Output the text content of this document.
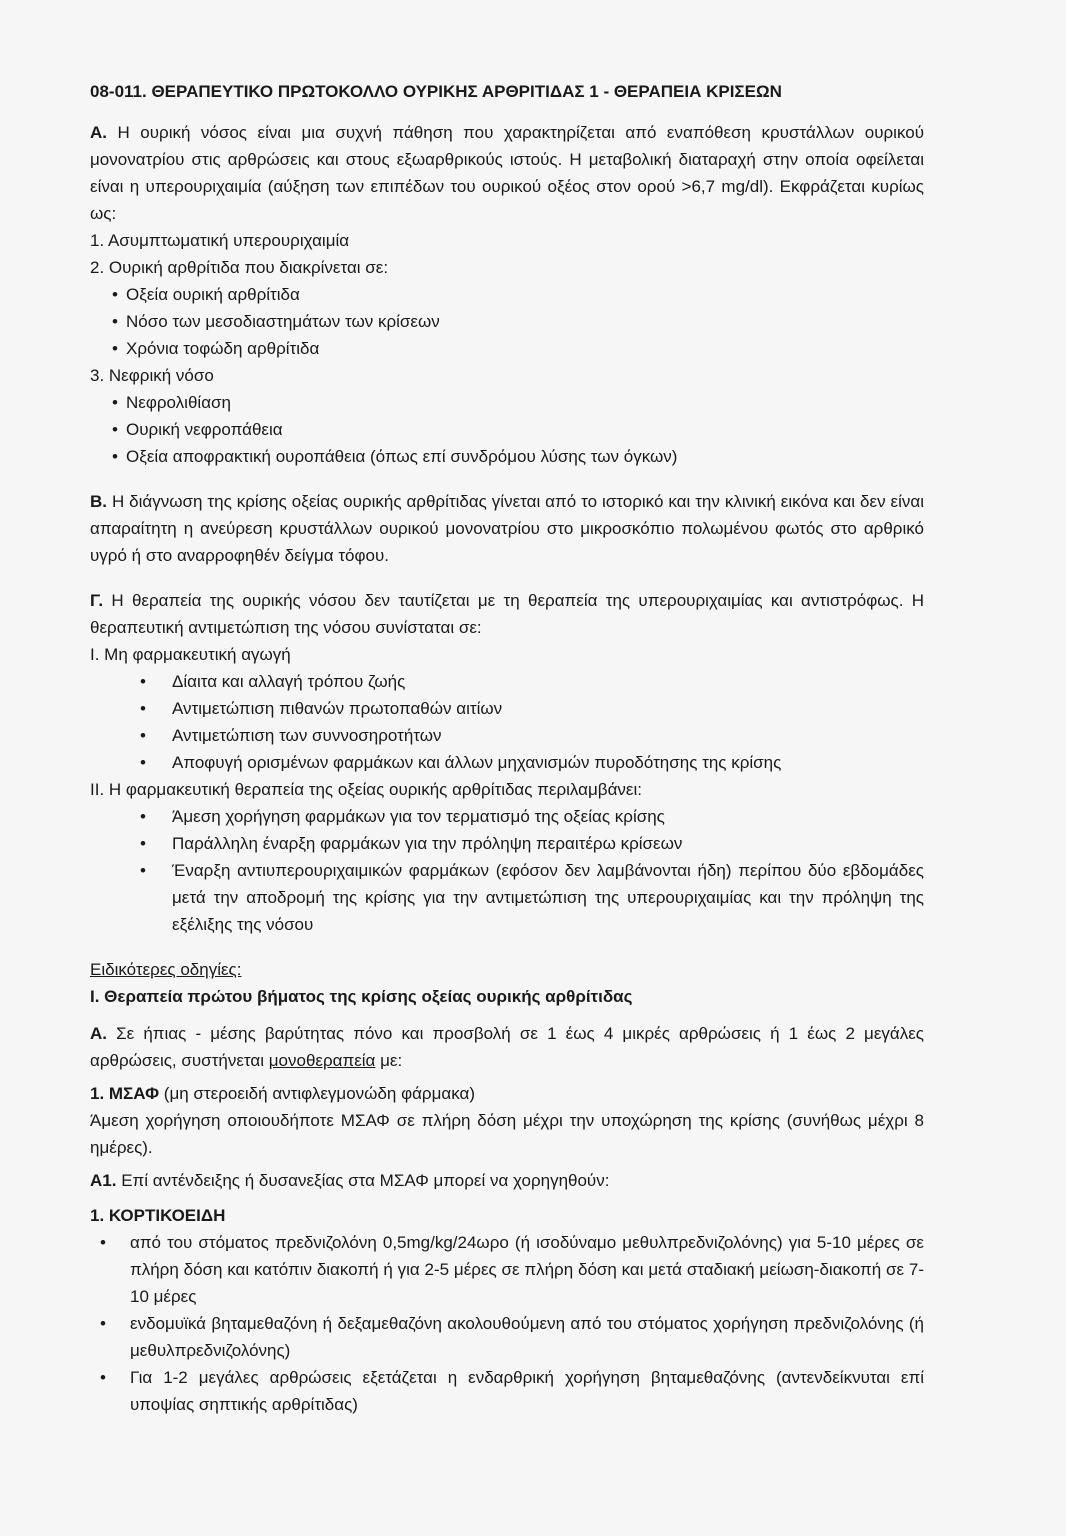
08-011. ΘΕΡΑΠΕΥΤΙΚΟ ΠΡΩΤΟΚΟΛΛΟ ΟΥΡΙΚΗΣ ΑΡΘΡΙΤΙΔΑΣ 1 - ΘΕΡΑΠΕΙΑ ΚΡΙΣΕΩΝ

Α. Η ουρική νόσος είναι μια συχνή πάθηση που χαρακτηρίζεται από εναπόθεση κρυστάλλων ουρικού μονονατρίου στις αρθρώσεις και στους εξωαρθρικούς ιστούς. Η μεταβολική διαταραχή στην οποία οφείλεται είναι η υπερουριχαιμία (αύξηση των επιπέδων του ουρικού οξέος στον ορού >6,7 mg/dl). Εκφράζεται κυρίως ως:

1. Ασυμπτωματική υπερουριχαιμία
2. Ουρική αρθρίτιδα που διακρίνεται σε:
• Οξεία ουρική αρθρίτιδα
• Νόσο των μεσοδιαστημάτων των κρίσεων
• Χρόνια τοφώδη αρθρίτιδα
3. Νεφρική νόσο
• Νεφρολιθίαση
• Ουρική νεφροπάθεια
• Οξεία αποφρακτική ουροπάθεια (όπως επί συνδρόμου λύσης των όγκων)

Β. Η διάγνωση της κρίσης οξείας ουρικής αρθρίτιδας γίνεται από το ιστορικό και την κλινική εικόνα και δεν είναι απαραίτητη η ανεύρεση κρυστάλλων ουρικού μονονατρίου στο μικροσκόπιο πολωμένου φωτός στο αρθρικό υγρό ή στο αναρροφηθέν δείγμα τόφου.

Γ. Η θεραπεία της ουρικής νόσου δεν ταυτίζεται με τη θεραπεία της υπερουριχαιμίας και αντιστρόφως. Η θεραπευτική αντιμετώπιση της νόσου συνίσταται σε:

I. Μη φαρμακευτική αγωγή
• Δίαιτα και αλλαγή τρόπου ζωής
• Αντιμετώπιση πιθανών πρωτοπαθών αιτίων
• Αντιμετώπιση των συννοσηροτήτων
• Αποφυγή ορισμένων φαρμάκων και άλλων μηχανισμών πυροδότησης της κρίσης
II. Η φαρμακευτική θεραπεία της οξείας ουρικής αρθρίτιδας περιλαμβάνει:
• Άμεση χορήγηση φαρμάκων για τον τερματισμό της οξείας κρίσης
• Παράλληλη έναρξη φαρμάκων για την πρόληψη περαιτέρω κρίσεων
• Έναρξη αντιυπερουριχαιμικών φαρμάκων (εφόσον δεν λαμβάνονται ήδη) περίπου δύο εβδομάδες μετά την αποδρομή της κρίσης για την αντιμετώπιση της υπερουριχαιμίας και την πρόληψη της εξέλιξης της νόσου
Ειδικότερες οδηγίες:
I. Θεραπεία πρώτου βήματος της κρίσης οξείας ουρικής αρθρίτιδας

Α. Σε ήπιας - μέσης βαρύτητας πόνο και προσβολή σε 1 έως 4 μικρές αρθρώσεις ή 1 έως 2 μεγάλες αρθρώσεις, συστήνεται μονοθεραπεία με:

1. ΜΣΑΦ (μη στεροειδή αντιφλεγμονώδη φάρμακα)

Άμεση χορήγηση οποιουδήποτε ΜΣΑΦ σε πλήρη δόση μέχρι την υποχώρηση της κρίσης (συνήθως μέχρι 8 ημέρες).

Α1. Επί αντένδειξης ή δυσανεξίας στα ΜΣΑΦ μπορεί να χορηγηθούν:
1. ΚΟΡΤΙΚΟΕΙΔΗ
• από του στόματος πρεδνιζολόνη 0,5mg/kg/24ωρο (ή ισοδύναμο μεθυλπρεδνιζολόνης) για 5-10 μέρες σε πλήρη δόση και κατόπιν διακοπή ή για 2-5 μέρες σε πλήρη δόση και μετά σταδιακή μείωση-διακοπή σε 7-10 μέρες
• ενδομυϊκά βηταμεθαζόνη ή δεξαμεθαζόνη ακολουθούμενη από του στόματος χορήγηση πρεδνιζολόνης (ή μεθυλπρεδνιζολόνης)
• Για 1-2 μεγάλες αρθρώσεις εξετάζεται η ενδαρθρική χορήγηση βηταμεθαζόνης (αντενδείκνυται επί υποψίας σηπτικής αρθρίτιδας)
